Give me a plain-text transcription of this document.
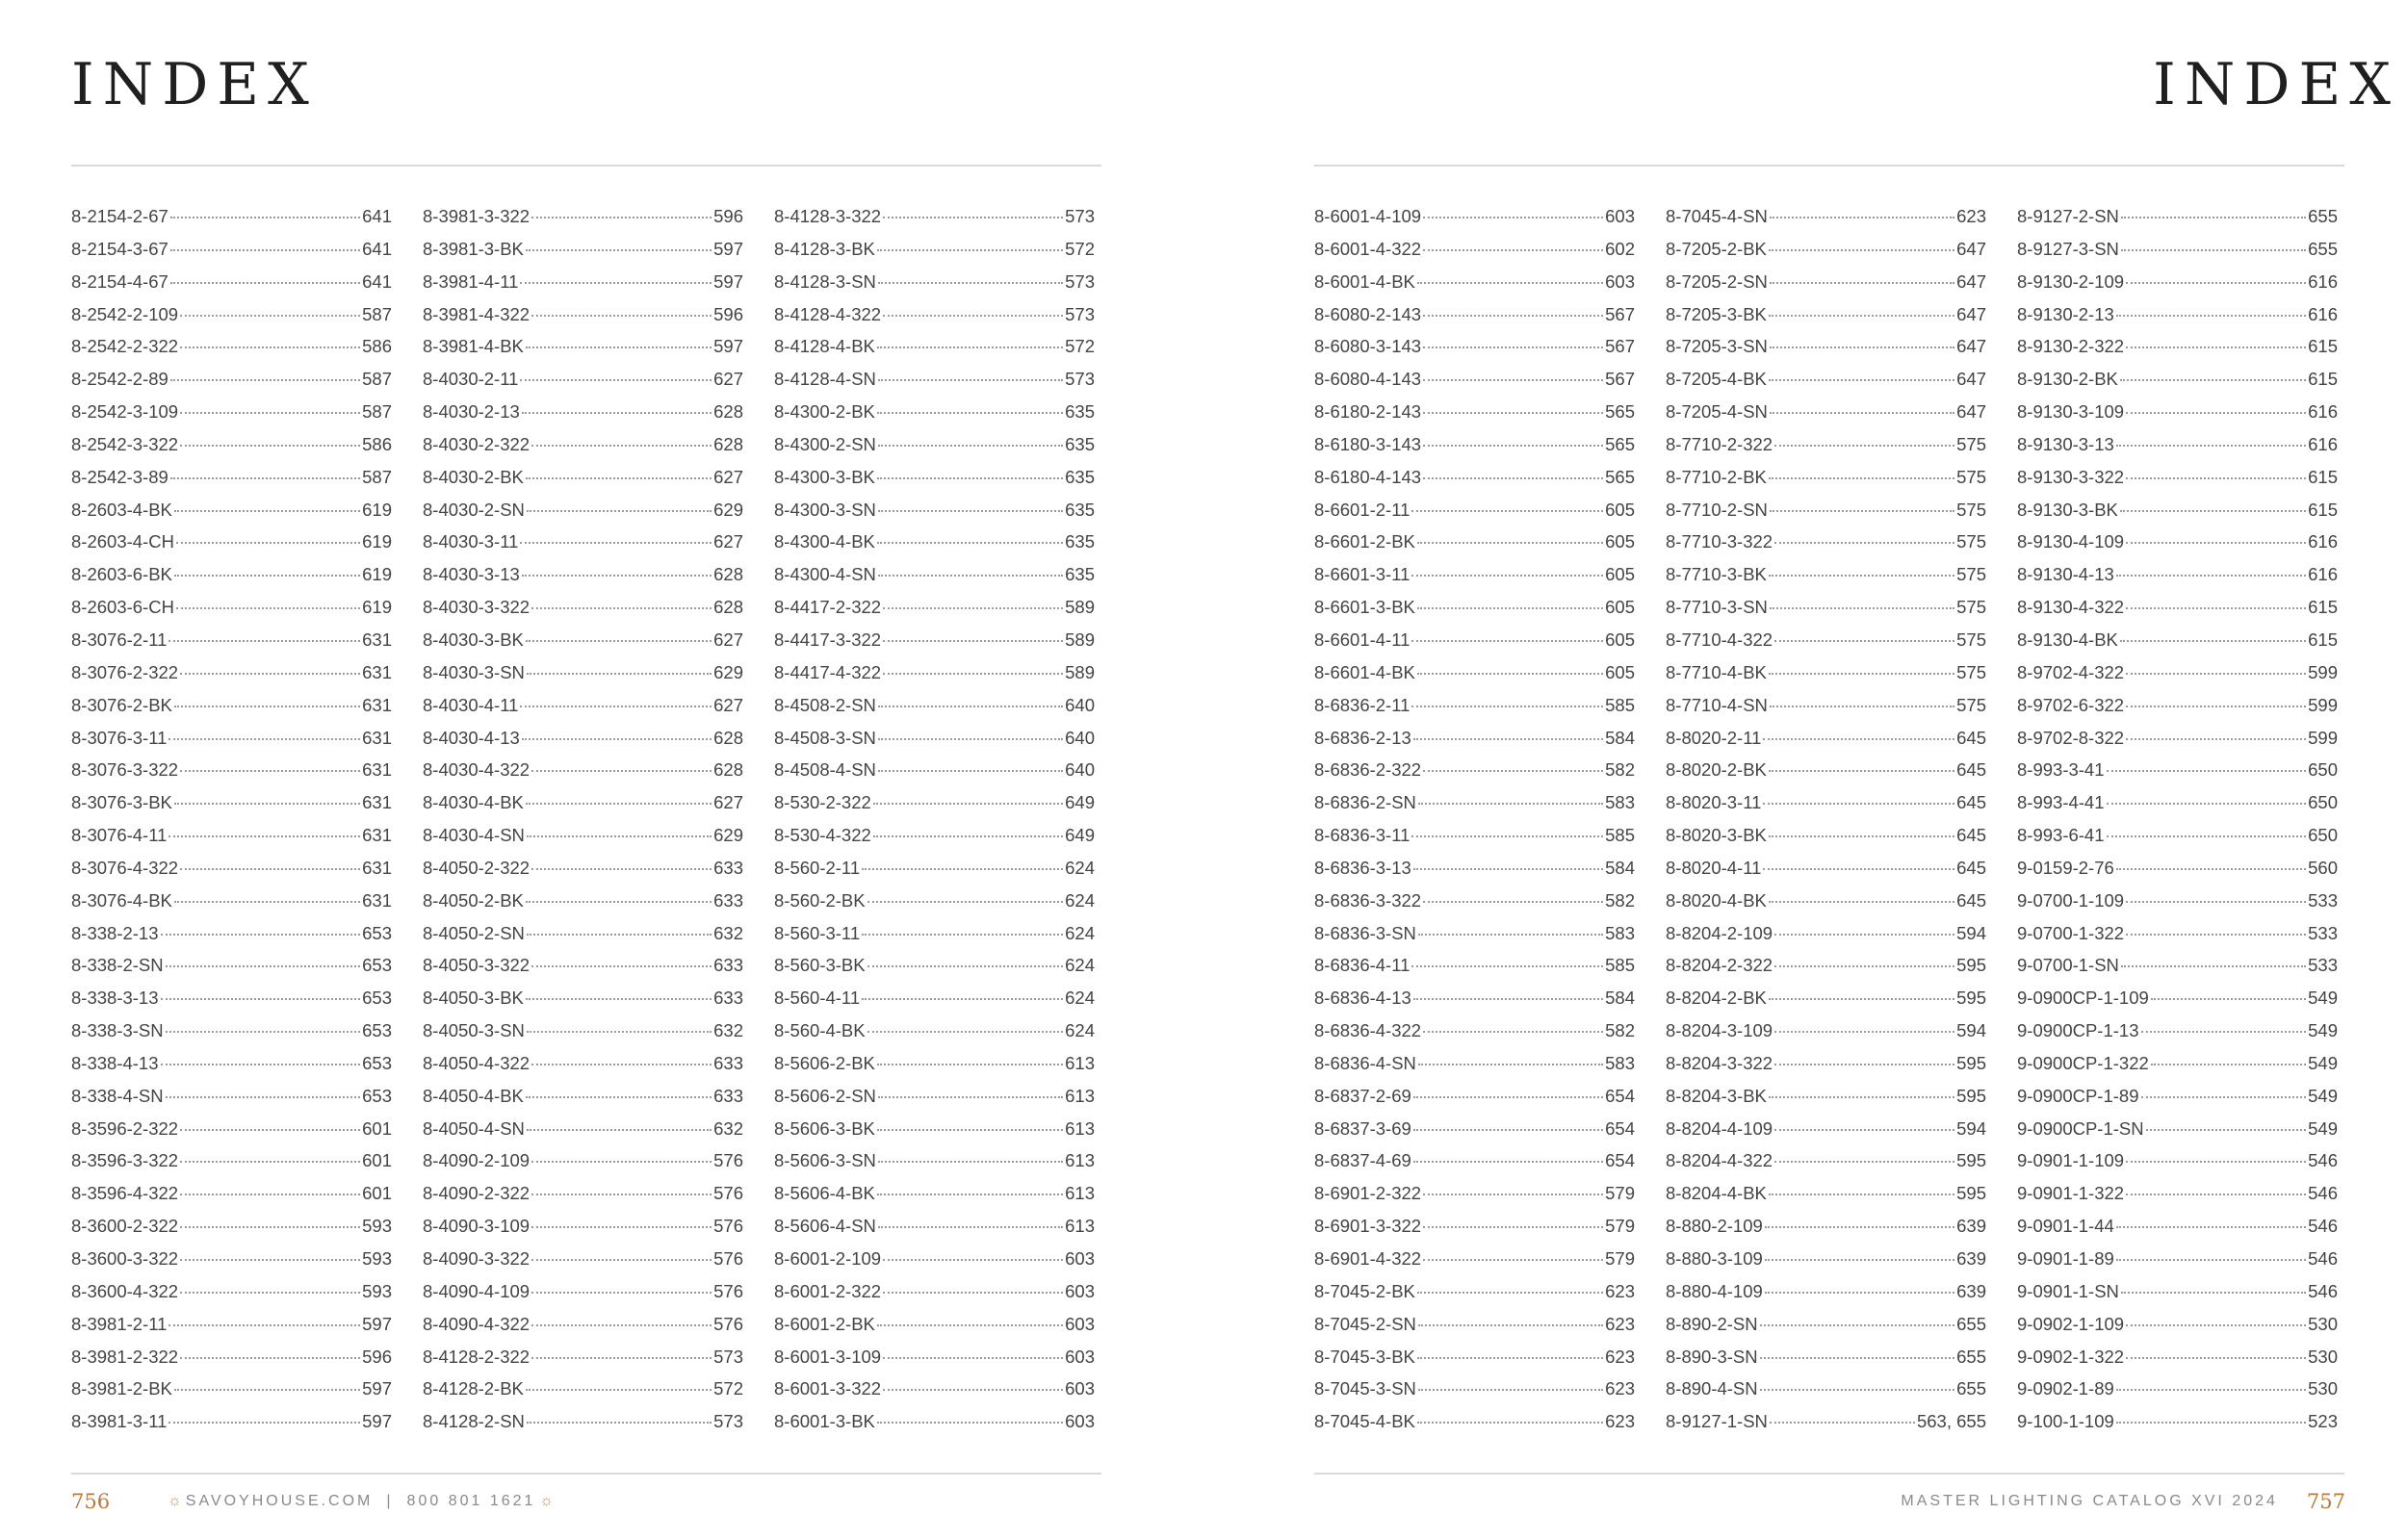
INDEX
8-2154-2-67	641
8-2154-3-67	641
8-2154-4-67	641
8-2542-2-109	587
8-2542-2-322	586
8-2542-2-89	587
8-2542-3-109	587
8-2542-3-322	586
8-2542-3-89	587
8-2603-4-BK	619
8-2603-4-CH	619
8-2603-6-BK	619
8-2603-6-CH	619
8-3076-2-11	631
8-3076-2-322	631
8-3076-2-BK	631
8-3076-3-11	631
8-3076-3-322	631
8-3076-3-BK	631
8-3076-4-11	631
8-3076-4-322	631
8-3076-4-BK	631
8-338-2-13	653
8-338-2-SN	653
8-338-3-13	653
8-338-3-SN	653
8-338-4-13	653
8-338-4-SN	653
8-3596-2-322	601
8-3596-3-322	601
8-3596-4-322	601
8-3600-2-322	593
8-3600-3-322	593
8-3600-4-322	593
8-3981-2-11	597
8-3981-2-322	596
8-3981-2-BK	597
8-3981-3-11	597
8-3981-3-322	596
8-3981-3-BK	597
8-3981-4-11	597
8-3981-4-322	596
8-3981-4-BK	597
8-4030-2-11	627
8-4030-2-13	628
8-4030-2-322	628
8-4030-2-BK	627
8-4030-2-SN	629
8-4030-3-11	627
8-4030-3-13	628
8-4030-3-322	628
8-4030-3-BK	627
8-4030-3-SN	629
8-4030-4-11	627
8-4030-4-13	628
8-4030-4-322	628
8-4030-4-BK	627
8-4030-4-SN	629
8-4050-2-322	633
8-4050-2-BK	633
8-4050-2-SN	632
8-4050-3-322	633
8-4050-3-BK	633
8-4050-3-SN	632
8-4050-4-322	633
8-4050-4-BK	633
8-4050-4-SN	632
8-4090-2-109	576
8-4090-2-322	576
8-4090-3-109	576
8-4090-3-322	576
8-4090-4-109	576
8-4090-4-322	576
8-4128-2-322	573
8-4128-2-BK	572
8-4128-2-SN	573
8-4128-3-322	573
8-4128-3-BK	572
8-4128-3-SN	573
8-4128-4-322	573
8-4128-4-BK	572
8-4128-4-SN	573
8-4300-2-BK	635
8-4300-2-SN	635
8-4300-3-BK	635
8-4300-3-SN	635
8-4300-4-BK	635
8-4300-4-SN	635
8-4417-2-322	589
8-4417-3-322	589
8-4417-4-322	589
8-4508-2-SN	640
8-4508-3-SN	640
8-4508-4-SN	640
8-530-2-322	649
8-530-4-322	649
8-560-2-11	624
8-560-2-BK	624
8-560-3-11	624
8-560-3-BK	624
8-560-4-11	624
8-560-4-BK	624
8-5606-2-BK	613
8-5606-2-SN	613
8-5606-3-BK	613
8-5606-3-SN	613
8-5606-4-BK	613
8-5606-4-SN	613
8-6001-2-109	603
8-6001-2-322	603
8-6001-2-BK	603
8-6001-3-109	603
8-6001-3-322	603
8-6001-3-BK	603
756	☼ SAVOYHOUSE.COM | 800 801 1621 ☼
INDEX
8-6001-4-109	603
8-6001-4-322	602
8-6001-4-BK	603
8-6080-2-143	567
8-6080-3-143	567
8-6080-4-143	567
8-6180-2-143	565
8-6180-3-143	565
8-6180-4-143	565
8-6601-2-11	605
8-6601-2-BK	605
8-6601-3-11	605
8-6601-3-BK	605
8-6601-4-11	605
8-6601-4-BK	605
8-6836-2-11	585
8-6836-2-13	584
8-6836-2-322	582
8-6836-2-SN	583
8-6836-3-11	585
8-6836-3-13	584
8-6836-3-322	582
8-6836-3-SN	583
8-6836-4-11	585
8-6836-4-13	584
8-6836-4-322	582
8-6836-4-SN	583
8-6837-2-69	654
8-6837-3-69	654
8-6837-4-69	654
8-6901-2-322	579
8-6901-3-322	579
8-6901-4-322	579
8-7045-2-BK	623
8-7045-2-SN	623
8-7045-3-BK	623
8-7045-3-SN	623
8-7045-4-BK	623
8-7045-4-SN	623
8-7205-2-BK	647
8-7205-2-SN	647
8-7205-3-BK	647
8-7205-3-SN	647
8-7205-4-BK	647
8-7205-4-SN	647
8-7710-2-322	575
8-7710-2-BK	575
8-7710-2-SN	575
8-7710-3-322	575
8-7710-3-BK	575
8-7710-3-SN	575
8-7710-4-322	575
8-7710-4-BK	575
8-7710-4-SN	575
8-8020-2-11	645
8-8020-2-BK	645
8-8020-3-11	645
8-8020-3-BK	645
8-8020-4-11	645
8-8020-4-BK	645
8-8204-2-109	594
8-8204-2-322	595
8-8204-2-BK	595
8-8204-3-109	594
8-8204-3-322	595
8-8204-3-BK	595
8-8204-4-109	594
8-8204-4-322	595
8-8204-4-BK	595
8-880-2-109	639
8-880-3-109	639
8-880-4-109	639
8-890-2-SN	655
8-890-3-SN	655
8-890-4-SN	655
8-9127-1-SN	563, 655
8-9127-2-SN	655
8-9127-3-SN	655
8-9130-2-109	616
8-9130-2-13	616
8-9130-2-322	615
8-9130-2-BK	615
8-9130-3-109	616
8-9130-3-13	616
8-9130-3-322	615
8-9130-3-BK	615
8-9130-4-109	616
8-9130-4-13	616
8-9130-4-322	615
8-9130-4-BK	615
8-9702-4-322	599
8-9702-6-322	599
8-9702-8-322	599
8-993-3-41	650
8-993-4-41	650
8-993-6-41	650
9-0159-2-76	560
9-0700-1-109	533
9-0700-1-322	533
9-0700-1-SN	533
9-0900CP-1-109	549
9-0900CP-1-13	549
9-0900CP-1-322	549
9-0900CP-1-89	549
9-0900CP-1-SN	549
9-0901-1-109	546
9-0901-1-322	546
9-0901-1-44	546
9-0901-1-89	546
9-0901-1-SN	546
9-0902-1-109	530
9-0902-1-322	530
9-0902-1-89	530
9-100-1-109	523
MASTER LIGHTING CATALOG XVI 2024 757
